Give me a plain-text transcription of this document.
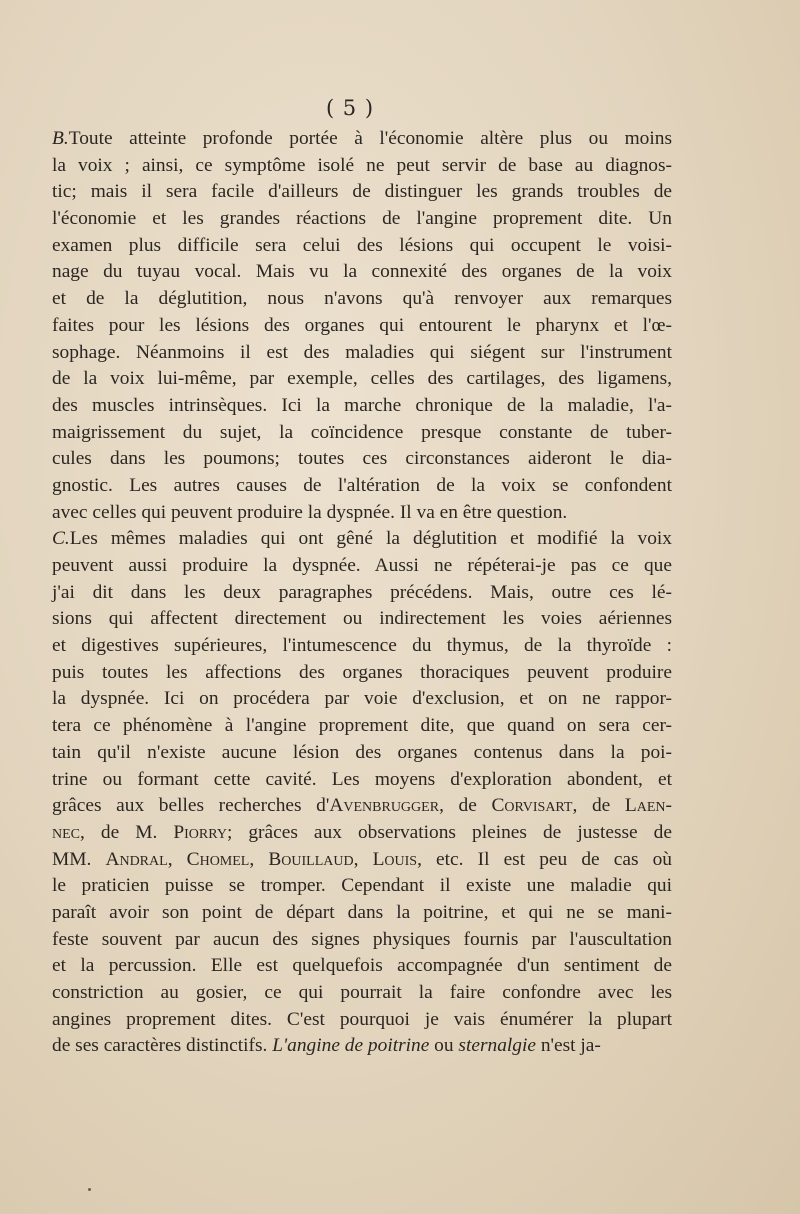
( 5 )
B.Toute atteinte profonde portée à l'économie altère plus ou moins
la voix ; ainsi, ce symptôme isolé ne peut servir de base au diagnos-
tic; mais il sera facile d'ailleurs de distinguer les grands troubles de
l'économie et les grandes réactions de l'angine proprement dite. Un
examen plus difficile sera celui des lésions qui occupent le voisi-
nage du tuyau vocal. Mais vu la connexité des organes de la voix
et de la déglutition, nous n'avons qu'à renvoyer aux remarques
faites pour les lésions des organes qui entourent le pharynx et l'œ-
sophage. Néanmoins il est des maladies qui siégent sur l'instrument
de la voix lui-même, par exemple, celles des cartilages, des ligamens,
des muscles intrinsèques. Ici la marche chronique de la maladie, l'a-
maigrissement du sujet, la coïncidence presque constante de tuber-
cules dans les poumons; toutes ces circonstances aideront le dia-
gnostic. Les autres causes de l'altération de la voix se confondent
avec celles qui peuvent produire la dyspnée. Il va en être question.
C.Les mêmes maladies qui ont gêné la déglutition et modifié la voix
peuvent aussi produire la dyspnée. Aussi ne répéterai-je pas ce que
j'ai dit dans les deux paragraphes précédens. Mais, outre ces lé-
sions qui affectent directement ou indirectement les voies aériennes
et digestives supérieures, l'intumescence du thymus, de la thyroïde :
puis toutes les affections des organes thoraciques peuvent produire
la dyspnée. Ici on procédera par voie d'exclusion, et on ne rappor-
tera ce phénomène à l'angine proprement dite, que quand on sera cer-
tain qu'il n'existe aucune lésion des organes contenus dans la poi-
trine ou formant cette cavité. Les moyens d'exploration abondent, et
grâces aux belles recherches d'Avenbrugger, de Corvisart, de Laen-
nec, de M. Piorry; grâces aux observations pleines de justesse de
MM. Andral, Chomel, Bouillaud, Louis, etc. Il est peu de cas où
le praticien puisse se tromper. Cependant il existe une maladie qui
paraît avoir son point de départ dans la poitrine, et qui ne se mani-
feste souvent par aucun des signes physiques fournis par l'auscultation
et la percussion. Elle est quelquefois accompagnée d'un sentiment de
constriction au gosier, ce qui pourrait la faire confondre avec les
angines proprement dites. C'est pourquoi je vais énumérer la plupart
de ses caractères distinctifs. L'angine de poitrine ou sternalgie n'est ja-
